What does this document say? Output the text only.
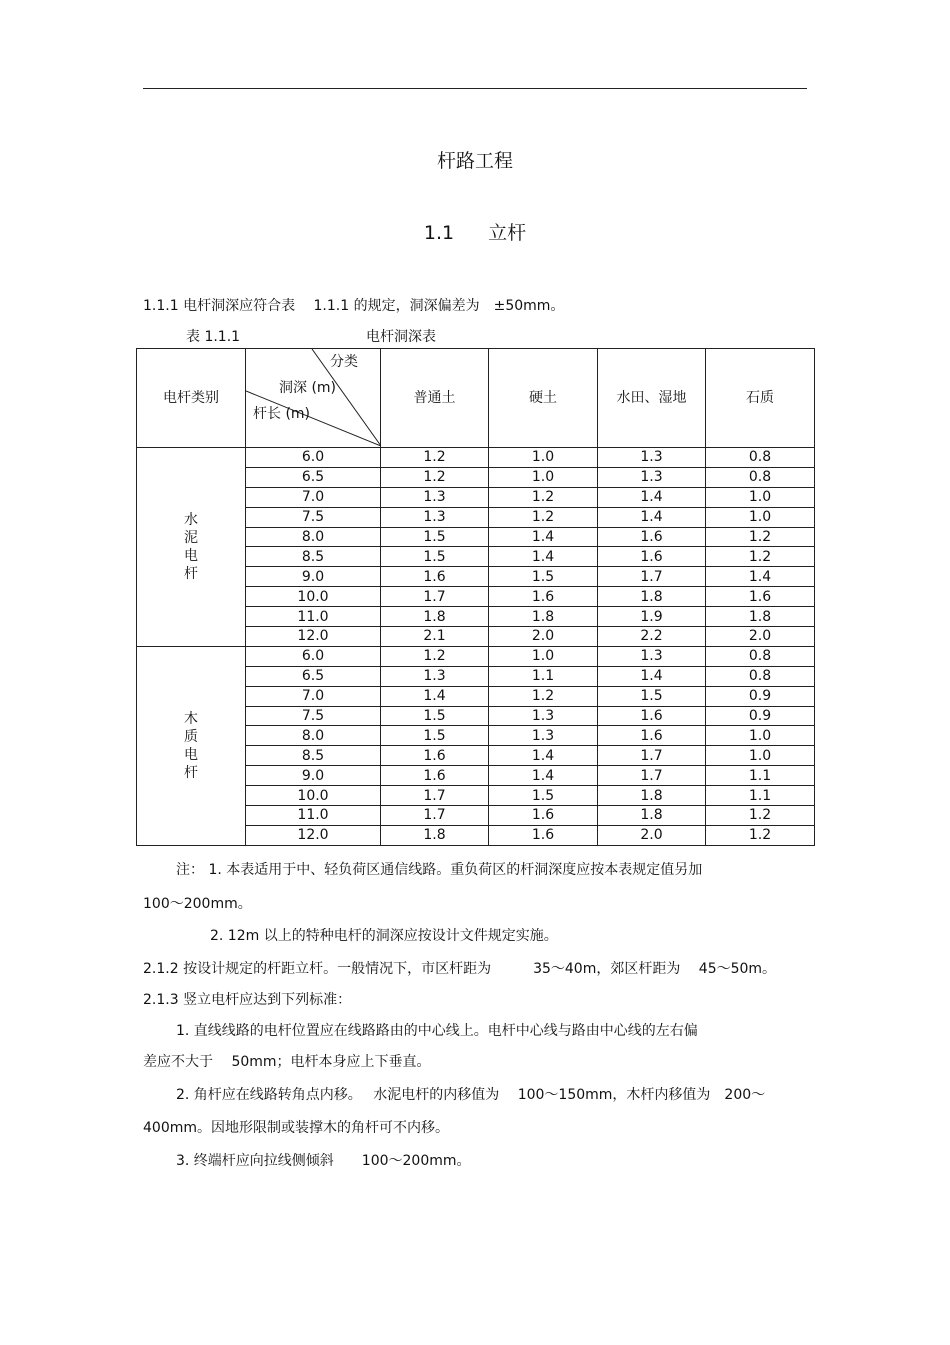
杆路工程
1.1 立杆

1.1.1 电杆洞深应符合表　 1.1.1 的规定，洞深偏差为　±50mm。

表 1.1.1	电杆洞深表

电杆类别	分类
洞深 (m)
杆长 (m)	普通土	硬土	水田、湿地	石质

水
泥
电
杆	6.0	1.2	1.0	1.3	0.8
	6.5	1.2	1.0	1.3	0.8
	7.0	1.3	1.2	1.4	1.0
	7.5	1.3	1.2	1.4	1.0
	8.0	1.5	1.4	1.6	1.2
	8.5	1.5	1.4	1.6	1.2
	9.0	1.6	1.5	1.7	1.4
	10.0	1.7	1.6	1.8	1.6
	11.0	1.8	1.8	1.9	1.8
	12.0	2.1	2.0	2.2	2.0

木
质
电
杆	6.0	1.2	1.0	1.3	0.8
	6.5	1.3	1.1	1.4	0.8
	7.0	1.4	1.2	1.5	0.9
	7.5	1.5	1.3	1.6	0.9
	8.0	1.5	1.3	1.6	1.0
	8.5	1.6	1.4	1.7	1.0
	9.0	1.6	1.4	1.7	1.1
	10.0	1.7	1.5	1.8	1.1
	11.0	1.7	1.6	1.8	1.2
	12.0	1.8	1.6	2.0	1.2

注： 1. 本表适用于中、轻负荷区通信线路。重负荷区的杆洞深度应按本表规定值另加

100～200mm。

2. 12m 以上的特种电杆的洞深应按设计文件规定实施。

2.1.2 按设计规定的杆距立杆。一般情况下，市区杆距为　　　35～40m，郊区杆距为　 45～50m。

2.1.3 竖立电杆应达到下列标准：

1. 直线线路的电杆位置应在线路路由的中心线上。电杆中心线与路由中心线的左右偏

差应不大于　 50mm；电杆本身应上下垂直。

2. 角杆应在线路转角点内移。　 水泥电杆的内移值为　 100～150mm，木杆内移值为　200～

400mm。因地形限制或装撑木的角杆可不内移。

3. 终端杆应向拉线侧倾斜　　100～200mm。
